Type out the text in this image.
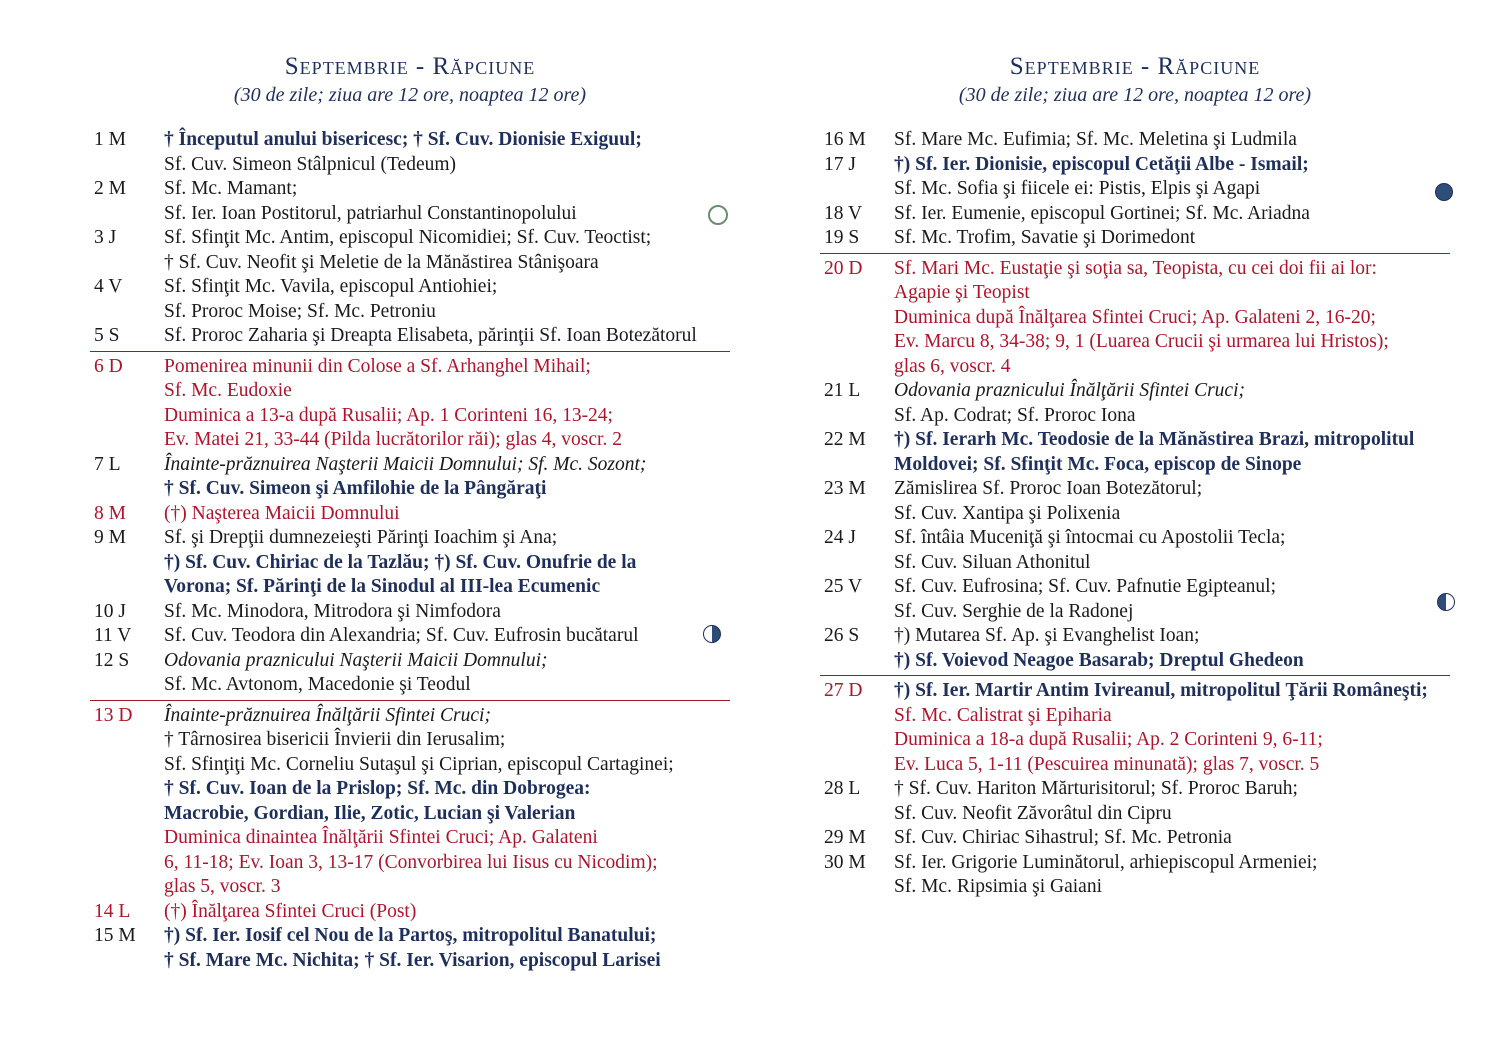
Septembrie - Răpciune
(30 de zile; ziua are 12 ore, noaptea 12 ore)
1 M † Începutul anului bisericesc; † Sf. Cuv. Dionisie Exiguul;
Sf. Cuv. Simeon Stâlpnicul (Tedeum)
2 M Sf. Mc. Mamant;
Sf. Ier. Ioan Postitorul, patriarhul Constantinopolului
3 J Sf. Sfinţit Mc. Antim, episcopul Nicomidiei; Sf. Cuv. Teoctist;
† Sf. Cuv. Neofit şi Meletie de la Mănăstirea Stânişoara
4 V Sf. Sfinţit Mc. Vavila, episcopul Antiohiei;
Sf. Proroc Moise; Sf. Mc. Petroniu
5 S Sf. Proroc Zaharia şi Dreapta Elisabeta, părinţii Sf. Ioan Botezătorul
6 D Pomenirea minunii din Colose a Sf. Arhanghel Mihail;
Sf. Mc. Eudoxie
Duminica a 13-a după Rusalii; Ap. 1 Corinteni 16, 13-24;
Ev. Matei 21, 33-44 (Pilda lucrătorilor răi); glas 4, voscr. 2
7 L Înainte-prăznuirea Naşterii Maicii Domnului; Sf. Mc. Sozont;
† Sf. Cuv. Simeon şi Amfilohie de la Pângăraţi
8 M (†) Naşterea Maicii Domnului
9 M Sf. şi Drepţii dumnezeieşti Părinţi Ioachim şi Ana;
†) Sf. Cuv. Chiriac de la Tazlău; †) Sf. Cuv. Onufrie de la
Vorona; Sf. Părinţi de la Sinodul al III-lea Ecumenic
10 J Sf. Mc. Minodora, Mitrodora şi Nimfodora
11 V Sf. Cuv. Teodora din Alexandria; Sf. Cuv. Eufrosin bucătarul
12 S Odovania praznicului Naşterii Maicii Domnului;
Sf. Mc. Avtonom, Macedonie şi Teodul
13 D Înainte-prăznuirea Înălţării Sfintei Cruci;
† Târnosirea bisericii Învierii din Ierusalim;
Sf. Sfinţiţi Mc. Corneliu Sutaşul şi Ciprian, episcopul Cartaginei;
† Sf. Cuv. Ioan de la Prislop; Sf. Mc. din Dobrogea:
Macrobie, Gordian, Ilie, Zotic, Lucian şi Valerian
Duminica dinaintea Înălţării Sfintei Cruci; Ap. Galateni
6, 11-18; Ev. Ioan 3, 13-17 (Convorbirea lui Iisus cu Nicodim);
glas 5, voscr. 3
14 L (†) Înălţarea Sfintei Cruci (Post)
15 M †) Sf. Ier. Iosif cel Nou de la Partoş, mitropolitul Banatului;
† Sf. Mare Mc. Nichita; † Sf. Ier. Visarion, episcopul Larisei
Septembrie - Răpciune
(30 de zile; ziua are 12 ore, noaptea 12 ore)
16 M Sf. Mare Mc. Eufimia; Sf. Mc. Meletina şi Ludmila
17 J †) Sf. Ier. Dionisie, episcopul Cetăţii Albe - Ismail;
Sf. Mc. Sofia şi fiicele ei: Pistis, Elpis şi Agapi
18 V Sf. Ier. Eumenie, episcopul Gortinei; Sf. Mc. Ariadna
19 S Sf. Mc. Trofim, Savatie şi Dorimedont
20 D Sf. Mari Mc. Eustaţie şi soţia sa, Teopista, cu cei doi fii ai lor:
Agapie şi Teopist
Duminica după Înălţarea Sfintei Cruci; Ap. Galateni 2, 16-20;
Ev. Marcu 8, 34-38; 9, 1 (Luarea Crucii şi urmarea lui Hristos);
glas 6, voscr. 4
21 L Odovania praznicului Înălţării Sfintei Cruci;
Sf. Ap. Codrat; Sf. Proroc Iona
22 M †) Sf. Ierarh Mc. Teodosie de la Mănăstirea Brazi, mitropolitul
Moldovei; Sf. Sfinţit Mc. Foca, episcop de Sinope
23 M Zămislirea Sf. Proroc Ioan Botezătorul;
Sf. Cuv. Xantipa şi Polixenia
24 J Sf. întâia Muceniţă şi întocmai cu Apostolii Tecla;
Sf. Cuv. Siluan Athonitul
25 V Sf. Cuv. Eufrosina; Sf. Cuv. Pafnutie Egipteanul;
Sf. Cuv. Serghie de la Radonej
26 S †) Mutarea Sf. Ap. şi Evanghelist Ioan;
†) Sf. Voievod Neagoe Basarab; Dreptul Ghedeon
27 D †) Sf. Ier. Martir Antim Ivireanul, mitropolitul Ţării Româneşti;
Sf. Mc. Calistrat şi Epiharia
Duminica a 18-a după Rusalii; Ap. 2 Corinteni 9, 6-11;
Ev. Luca 5, 1-11 (Pescuirea minunată); glas 7, voscr. 5
28 L † Sf. Cuv. Hariton Mărturisitorul; Sf. Proroc Baruh;
Sf. Cuv. Neofit Zăvorâtul din Cipru
29 M Sf. Cuv. Chiriac Sihastrul; Sf. Mc. Petronia
30 M Sf. Ier. Grigorie Luminătorul, arhiepiscopul Armeniei;
Sf. Mc. Ripsimia şi Gaiani
